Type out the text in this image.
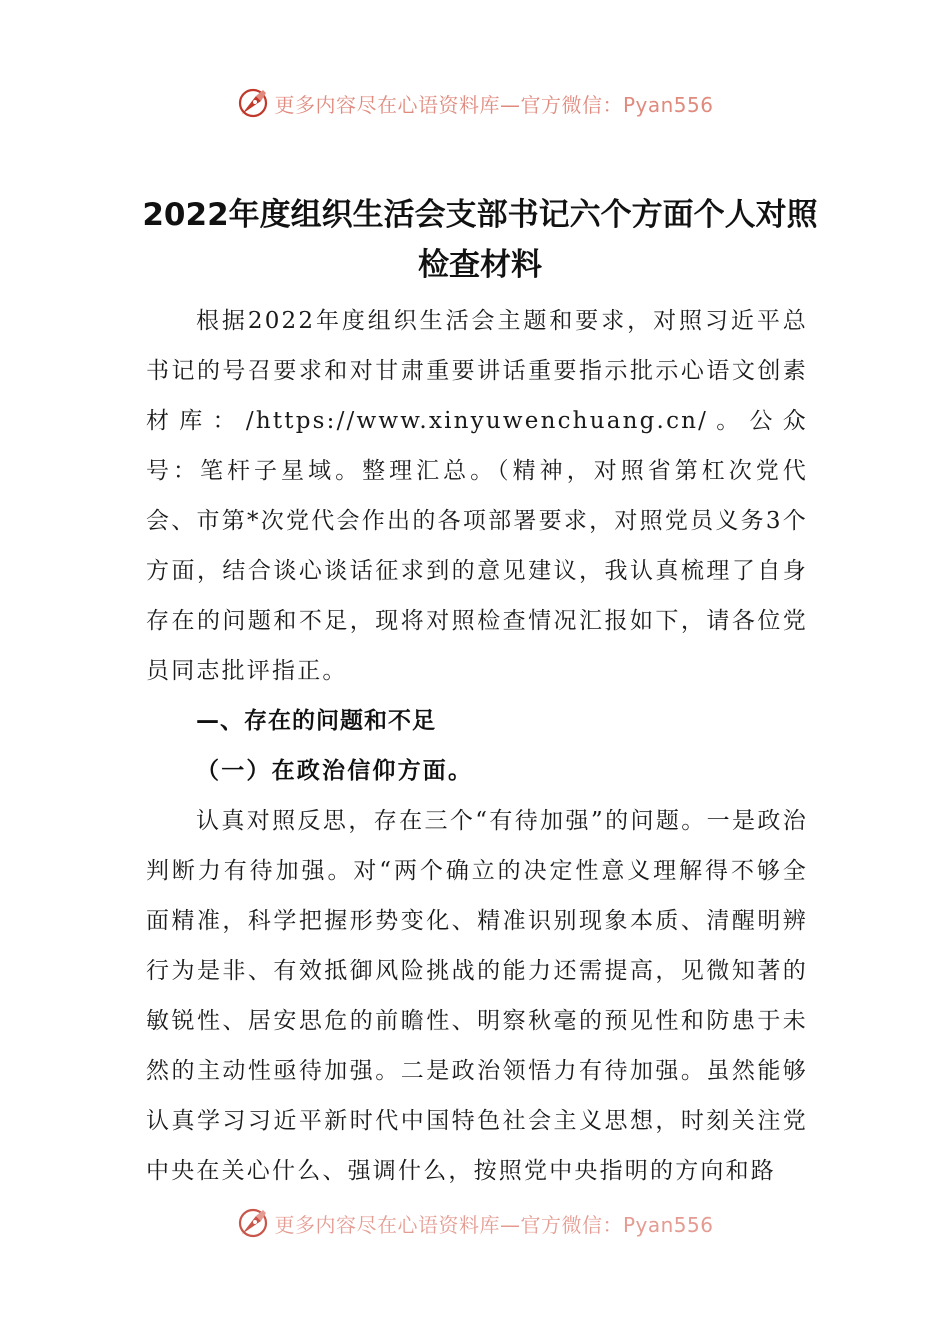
更多内容尽在心语资料库—官方微信：Pyan556
2022年度组织生活会支部书记六个方面个人对照检查材料

根据2022年度组织生活会主题和要求，对照习近平总书记的号召要求和对甘肃重要讲话重要指示批示心语文创素材库：/https://www.xinyuwenchuang.cn/。公众号：笔杆子星域。整理汇总。（精神，对照省第杠次党代会、市第*次党代会作出的各项部署要求，对照党员义务3个方面，结合谈心谈话征求到的意见建议，我认真梳理了自身存在的问题和不足，现将对照检查情况汇报如下，请各位党员同志批评指正。

—、存在的问题和不足
（一）在政治信仰方面。

认真对照反思，存在三个“有待加强”的问题。一是政治判断力有待加强。对“两个确立的决定性意义理解得不够全面精准，科学把握形势变化、精准识别现象本质、清醒明辨行为是非、有效抵御风险挑战的能力还需提高，见微知著的敏锐性、居安思危的前瞻性、明察秋毫的预见性和防患于未然的主动性亟待加强。二是政治领悟力有待加强。虽然能够认真学习习近平新时代中国特色社会主义思想，时刻关注党中央在关心什么、强调什么，按照党中央指明的方向和路

更多内容尽在心语资料库—官方微信：Pyan556
